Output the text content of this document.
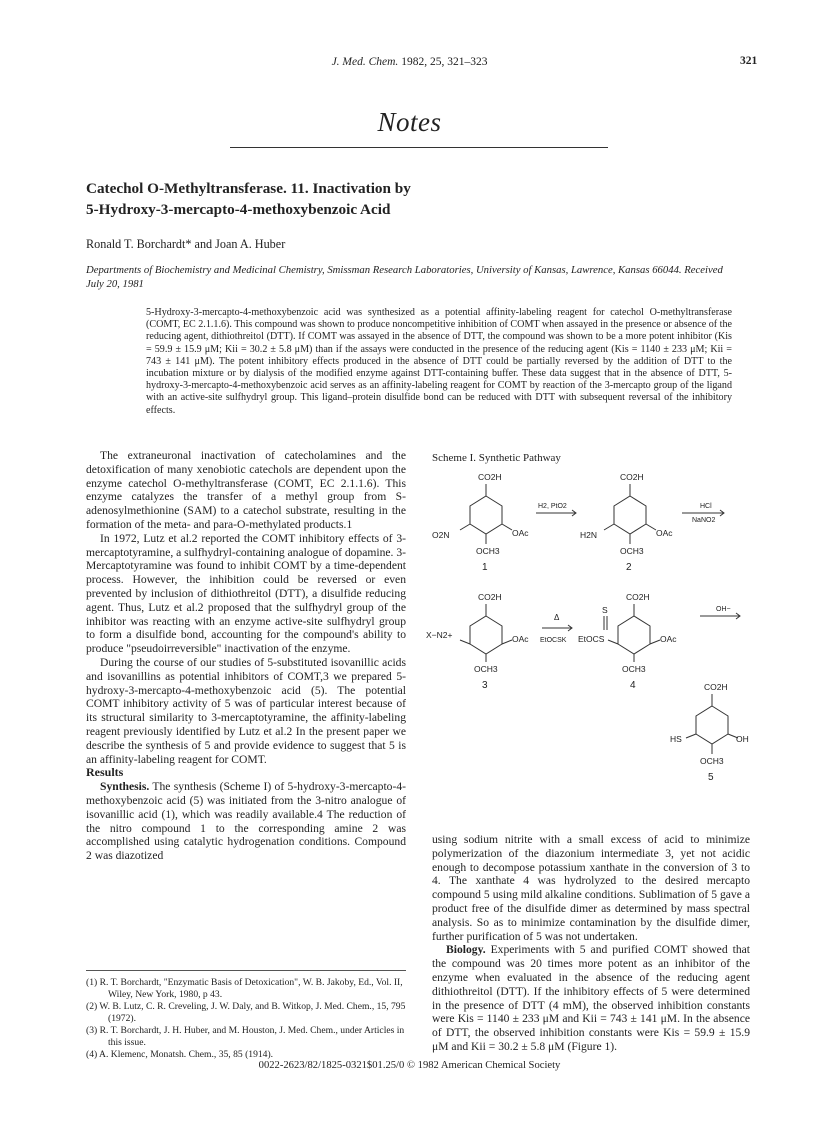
J. Med. Chem. 1982, 25, 321–323	321
Notes
Catechol O-Methyltransferase. 11. Inactivation by
5-Hydroxy-3-mercapto-4-methoxybenzoic Acid
Ronald T. Borchardt* and Joan A. Huber
Departments of Biochemistry and Medicinal Chemistry, Smissman Research Laboratories, University of Kansas, Lawrence, Kansas 66044. Received July 20, 1981
5-Hydroxy-3-mercapto-4-methoxybenzoic acid was synthesized as a potential affinity-labeling reagent for catechol O-methyltransferase (COMT, EC 2.1.1.6). This compound was shown to produce noncompetitive inhibition of COMT when assayed in the presence or absence of the reducing agent, dithiothreitol (DTT). If COMT was assayed in the absence of DTT, the compound was shown to be a more potent inhibitor (Kis = 59.9 ± 15.9 μM; Kii = 30.2 ± 5.8 μM) than if the assays were conducted in the presence of the reducing agent (Kis = 1140 ± 233 μM; Kii = 743 ± 141 μM). The potent inhibitory effects produced in the absence of DTT could be partially reversed by the addition of DTT to the incubation mixture or by dialysis of the modified enzyme against DTT-containing buffer. These data suggest that in the absence of DTT, 5-hydroxy-3-mercapto-4-methoxybenzoic acid serves as an affinity-labeling reagent for COMT by reaction of the 3-mercapto group of the ligand with an active-site sulfhydryl group. This ligand–protein disulfide bond can be reduced with DTT with subsequent reversal of the inhibitory effects.

The extraneuronal inactivation of catecholamines and the detoxification of many xenobiotic catechols are dependent upon the enzyme catechol O-methyltransferase (COMT, EC 2.1.1.6). This enzyme catalyzes the transfer of a methyl group from S-adenosylmethionine (SAM) to a catechol substrate, resulting in the formation of the meta- and para-O-methylated products.1

In 1972, Lutz et al.2 reported the COMT inhibitory effects of 3-mercaptotyramine, a sulfhydryl-containing analogue of dopamine. 3-Mercaptotyramine was found to inhibit COMT by a time-dependent process. However, the inhibition could be reversed or even prevented by inclusion of dithiothreitol (DTT), a disulfide reducing agent. Thus, Lutz et al.2 proposed that the sulfhydryl group of the inhibitor was reacting with an enzyme active-site sulfhydryl group to form a disulfide bond, accounting for the compound's ability to produce "pseudoirreversible" inactivation of the enzyme.

During the course of our studies of 5-substituted isovanillic acids and isovanillins as potential inhibitors of COMT,3 we prepared 5-hydroxy-3-mercapto-4-methoxybenzoic acid (5). The potential COMT inhibitory activity of 5 was of particular interest because of its structural similarity to 3-mercaptotyramine, the affinity-labeling reagent previously identified by Lutz et al.2 In the present paper we describe the synthesis of 5 and provide evidence to suggest that 5 is an affinity-labeling reagent for COMT.

Results

Synthesis. The synthesis (Scheme I) of 5-hydroxy-3-mercapto-4-methoxybenzoic acid (5) was initiated from the 3-nitro analogue of isovanillic acid (1), which was readily available.4 The reduction of the nitro compound 1 to the corresponding amine 2 was accomplished using catalytic hydrogenation conditions. Compound 2 was diazotized

(1) R. T. Borchardt, "Enzymatic Basis of Detoxication", W. B. Jakoby, Ed., Vol. II, Wiley, New York, 1980, p 43.
(2) W. B. Lutz, C. R. Creveling, J. W. Daly, and B. Witkop, J. Med. Chem., 15, 795 (1972).
(3) R. T. Borchardt, J. H. Huber, and M. Houston, J. Med. Chem., under Articles in this issue.
(4) A. Klemenc, Monatsh. Chem., 35, 85 (1914).
Scheme I. Synthetic Pathway
CO2H
O2N	OAc
OCH3
1
H2, PtO2
CO2H
H2N	OAc
OCH3
2
HCl
NaNO2
CO2H
X−N2+	OAc
OCH3
3
Δ
EtOCSK
CO2H
S
EtOCS	OAc
OCH3
4
OH−
CO2H
HS	OH
OCH3
5

using sodium nitrite with a small excess of acid to minimize polymerization of the diazonium intermediate 3, yet not acidic enough to decompose potassium xanthate in the conversion of 3 to 4. The xanthate 4 was hydrolyzed to the desired mercapto compound 5 using mild alkaline conditions. Sublimation of 5 gave a product free of the disulfide dimer as determined by mass spectral analysis. So as to minimize contamination by the disulfide dimer, further purification of 5 was not undertaken.

Biology. Experiments with 5 and purified COMT showed that the compound was 20 times more potent as an inhibitor of the enzyme when evaluated in the absence of the reducing agent dithiothreitol (DTT). If the inhibitory effects of 5 were determined in the presence of DTT (4 mM), the observed inhibition constants were Kis = 1140 ± 233 μM and Kii = 743 ± 141 μM. In the absence of DTT, the observed inhibition constants were Kis = 59.9 ± 15.9 μM and Kii = 30.2 ± 5.8 μM (Figure 1).

0022-2623/82/1825-0321$01.25/0 © 1982 American Chemical Society
